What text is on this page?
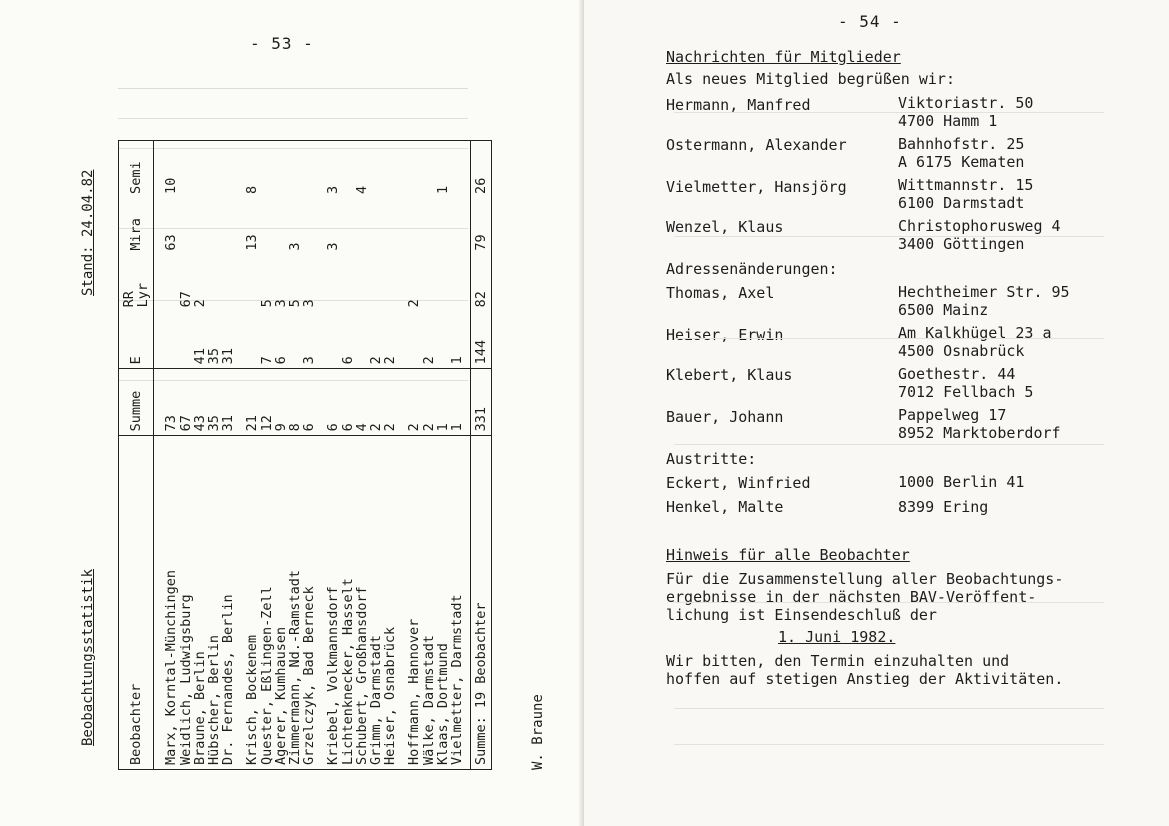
- 53 -
Beobachtungsstatistik
Stand: 24.04.82
Beobachter	Summe	E	RR Lyr	Mira	Semi
Marx, Korntal-Münchingen	73			63	10
Weidlich, Ludwigsburg	67		67		
Braune, Berlin	43	41	2		
Hübscher, Berlin	35	35			
Dr. Fernandes, Berlin	31	31			
Krisch, Bockenem	21			13	8
Quester, Eßlingen-Zell	12	7	5		
Agerer, Kumhausen	9	6	3		
Zimmermann, Nd.-Ramstadt	8		5	3	
Grzelczyk, Bad Berneck	6	3	3		
Kriebel, Volkmannsdorf	6			3	3
Lichtenknecker, Hasselt	6	6			
Schubert, Großhansdorf	4				4
Grimm, Darmstadt	2	2			
Heiser, Osnabrück	2	2			
Hoffmann, Hannover	2		2		
Wälke, Darmstadt	2	2			
Klaas, Dortmund	1				1
Vielmetter, Darmstadt	1	1			
Summe: 19 Beobachter	331	144	82	79	26
W. Braune
- 54 -
Nachrichten für Mitglieder
Als neues Mitglied begrüßen wir:
Hermann, Manfred	Viktoriastr. 50
4700 Hamm 1
Ostermann, Alexander	Bahnhofstr. 25
A 6175 Kematen
Vielmetter, Hansjörg	Wittmannstr. 15
6100 Darmstadt
Wenzel, Klaus	Christophorusweg 4
3400 Göttingen
Adressenänderungen:
Thomas, Axel	Hechtheimer Str. 95
6500 Mainz
Heiser, Erwin	Am Kalkhügel 23 a
4500 Osnabrück
Klebert, Klaus	Goethestr. 44
7012 Fellbach 5
Bauer, Johann	Pappelweg 17
8952 Marktoberdorf
Austritte:
Eckert, Winfried	1000 Berlin 41
Henkel, Malte	8399 Ering
Hinweis für alle Beobachter
Für die Zusammenstellung aller Beobachtungs-
ergebnisse in der nächsten BAV-Veröffent-
lichung ist Einsendeschluß der
1. Juni 1982.
Wir bitten, den Termin einzuhalten und
hoffen auf stetigen Anstieg der Aktivitäten.
